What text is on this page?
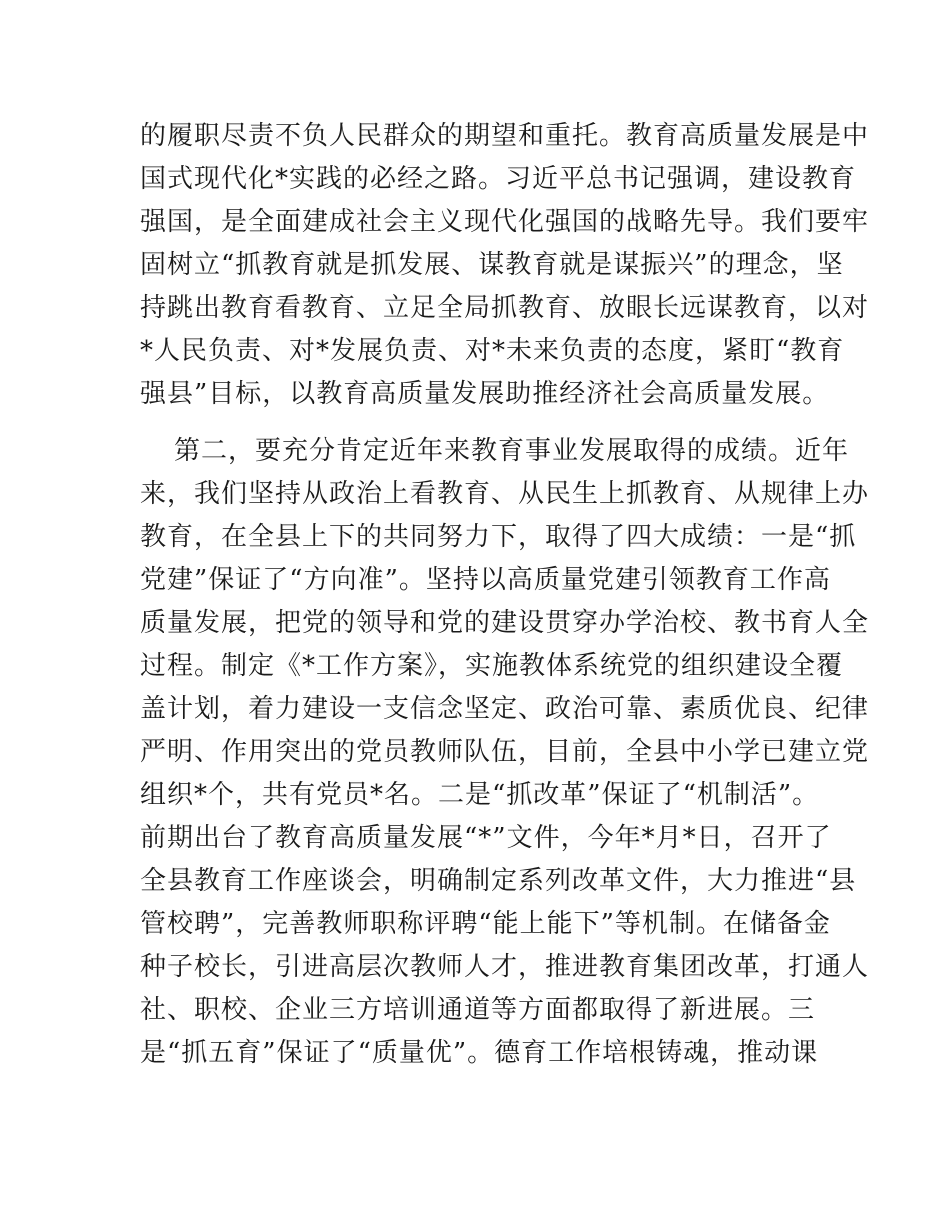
的履职尽责不负人民群众的期望和重托。教育高质量发展是中
国式现代化*实践的必经之路。习近平总书记强调，建设教育
强国，是全面建成社会主义现代化强国的战略先导。我们要牢
固树立“抓教育就是抓发展、谋教育就是谋振兴”的理念，坚
持跳出教育看教育、立足全局抓教育、放眼长远谋教育，以对
*人民负责、对*发展负责、对*未来负责的态度，紧盯“教育
强县”目标，以教育高质量发展助推经济社会高质量发展。
第二，要充分肯定近年来教育事业发展取得的成绩。近年
来，我们坚持从政治上看教育、从民生上抓教育、从规律上办
教育，在全县上下的共同努力下，取得了四大成绩：一是“抓
党建”保证了“方向准”。坚持以高质量党建引领教育工作高
质量发展，把党的领导和党的建设贯穿办学治校、教书育人全
过程。制定《*工作方案》，实施教体系统党的组织建设全覆
盖计划，着力建设一支信念坚定、政治可靠、素质优良、纪律
严明、作用突出的党员教师队伍，目前，全县中小学已建立党
组织*个，共有党员*名。二是“抓改革”保证了“机制活”。
前期出台了教育高质量发展“*”文件，今年*月*日，召开了
全县教育工作座谈会，明确制定系列改革文件，大力推进“县
管校聘”，完善教师职称评聘“能上能下”等机制。在储备金
种子校长，引进高层次教师人才，推进教育集团改革，打通人
社、职校、企业三方培训通道等方面都取得了新进展。三
是“抓五育”保证了“质量优”。德育工作培根铸魂，推动课
